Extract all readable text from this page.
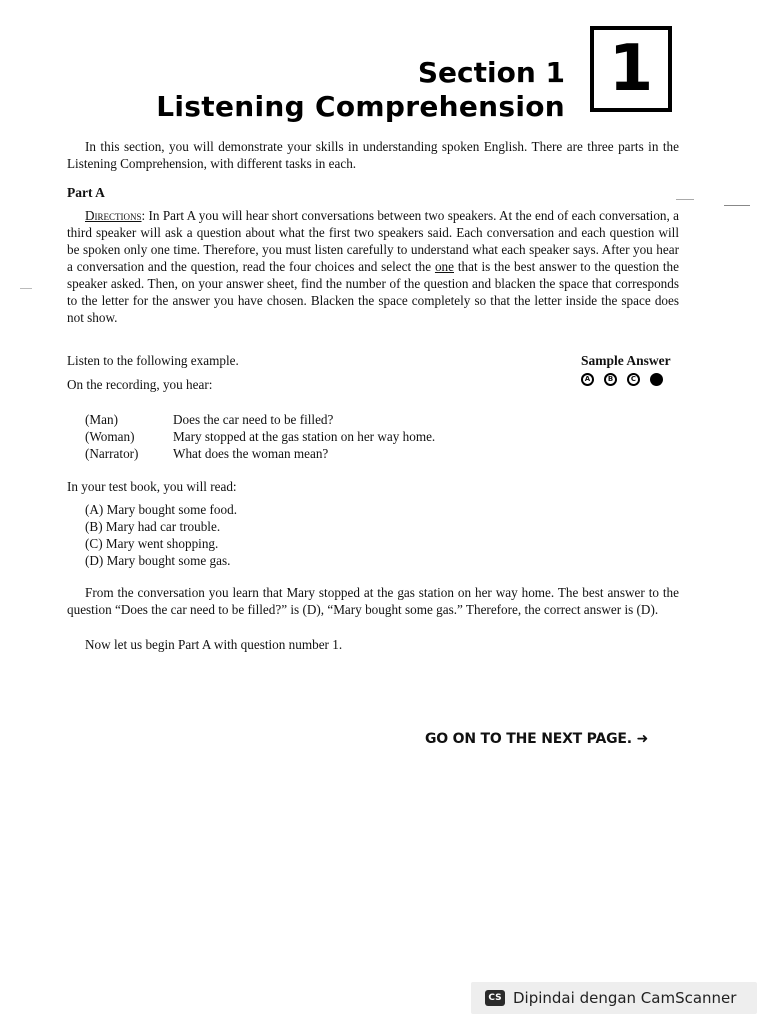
Section 1
Listening Comprehension
1
In this section, you will demonstrate your skills in understanding spoken English. There are three parts in the Listening Comprehension, with different tasks in each.
Part A
Directions: In Part A you will hear short conversations between two speakers. At the end of each conversation, a third speaker will ask a question about what the first two speakers said. Each conversation and each question will be spoken only one time. Therefore, you must listen carefully to understand what each speaker says. After you hear a conversation and the question, read the four choices and select the one that is the best answer to the question the speaker asked. Then, on your answer sheet, find the number of the question and blacken the space that corresponds to the letter for the answer you have chosen. Blacken the space completely so that the letter inside the space does not show.
Listen to the following example.	Sample Answer
On the recording, you hear:	A	B	C	D
(Man)	Does the car need to be filled?
(Woman)	Mary stopped at the gas station on her way home.
(Narrator)	What does the woman mean?
In your test book, you will read:
(A) Mary bought some food.
(B) Mary had car trouble.
(C) Mary went shopping.
(D) Mary bought some gas.
From the conversation you learn that Mary stopped at the gas station on her way home. The best answer to the question “Does the car need to be filled?” is (D), “Mary bought some gas.” Therefore, the correct answer is (D).
Now let us begin Part A with question number 1.
GO ON TO THE NEXT PAGE. ➜
CS Dipindai dengan CamScanner
